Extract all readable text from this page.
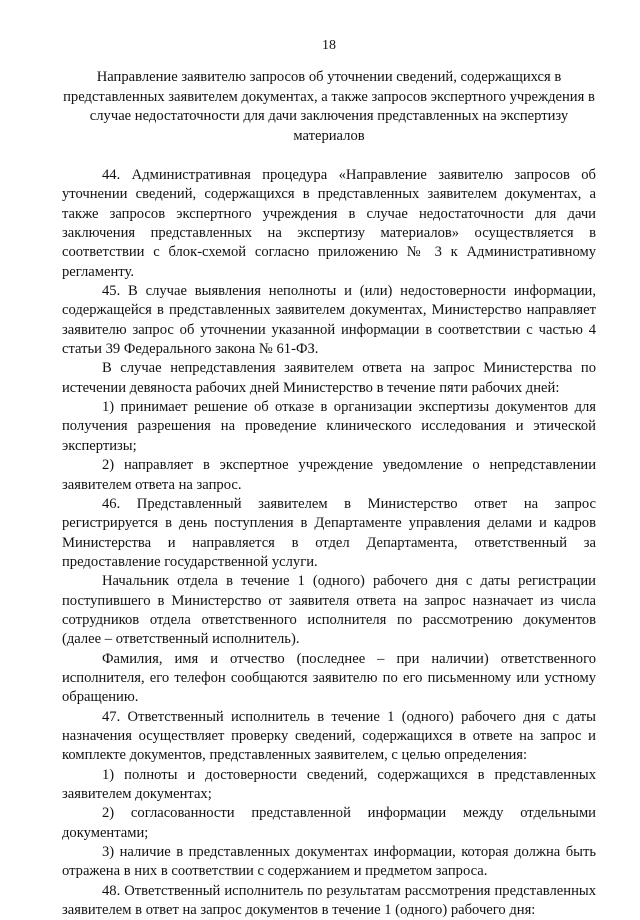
18
Направление заявителю запросов об уточнении сведений, содержащихся в представленных заявителем документах, а также запросов экспертного учреждения в случае недостаточности для дачи заключения представленных на экспертизу материалов

44. Административная процедура «Направление заявителю запросов об уточнении сведений, содержащихся в представленных заявителем документах, а также запросов экспертного учреждения в случае недостаточности для дачи заключения представленных на экспертизу материалов» осуществляется в соответствии с блок-схемой согласно приложению № 3 к Административному регламенту.

45. В случае выявления неполноты и (или) недостоверности информации, содержащейся в представленных заявителем документах, Министерство направляет заявителю запрос об уточнении указанной информации в соответствии с частью 4 статьи 39 Федерального закона № 61-ФЗ.

В случае непредставления заявителем ответа на запрос Министерства по истечении девяноста рабочих дней Министерство в течение пяти рабочих дней:

1) принимает решение об отказе в организации экспертизы документов для получения разрешения на проведение клинического исследования и этической экспертизы;

2) направляет в экспертное учреждение уведомление о непредставлении заявителем ответа на запрос.

46. Представленный заявителем в Министерство ответ на запрос регистрируется в день поступления в Департаменте управления делами и кадров Министерства и направляется в отдел Департамента, ответственный за предоставление государственной услуги.

Начальник отдела в течение 1 (одного) рабочего дня с даты регистрации поступившего в Министерство от заявителя ответа на запрос назначает из числа сотрудников отдела ответственного исполнителя по рассмотрению документов (далее – ответственный исполнитель).

Фамилия, имя и отчество (последнее – при наличии) ответственного исполнителя, его телефон сообщаются заявителю по его письменному или устному обращению.

47. Ответственный исполнитель в течение 1 (одного) рабочего дня с даты назначения осуществляет проверку сведений, содержащихся в ответе на запрос и комплекте документов, представленных заявителем, с целью определения:

1) полноты и достоверности сведений, содержащихся в представленных заявителем документах;

2) согласованности представленной информации между отдельными документами;

3) наличие в представленных документах информации, которая должна быть отражена в них в соответствии с содержанием и предметом запроса.

48. Ответственный исполнитель по результатам рассмотрения представленных заявителем в ответ на запрос документов в течение 1 (одного) рабочего дня:
